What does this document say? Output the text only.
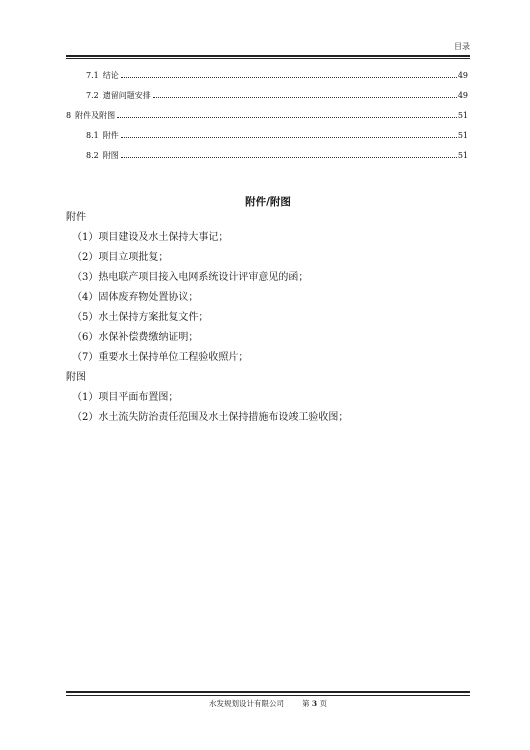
目录
7.1 结论	49
7.2 遗留问题安排	49
8 附件及附图	51
8.1 附件	51
8.2 附图	51
附件/附图
附件
（1）项目建设及水土保持大事记；
（2）项目立项批复；
（3）热电联产项目接入电网系统设计评审意见的函；
（4）固体废弃物处置协议；
（5）水土保持方案批复文件；
（6）水保补偿费缴纳证明；
（7）重要水土保持单位工程验收照片；
附图
（1）项目平面布置图；
（2）水土流失防治责任范围及水土保持措施布设竣工验收图；
水发规划设计有限公司 第 3 页
